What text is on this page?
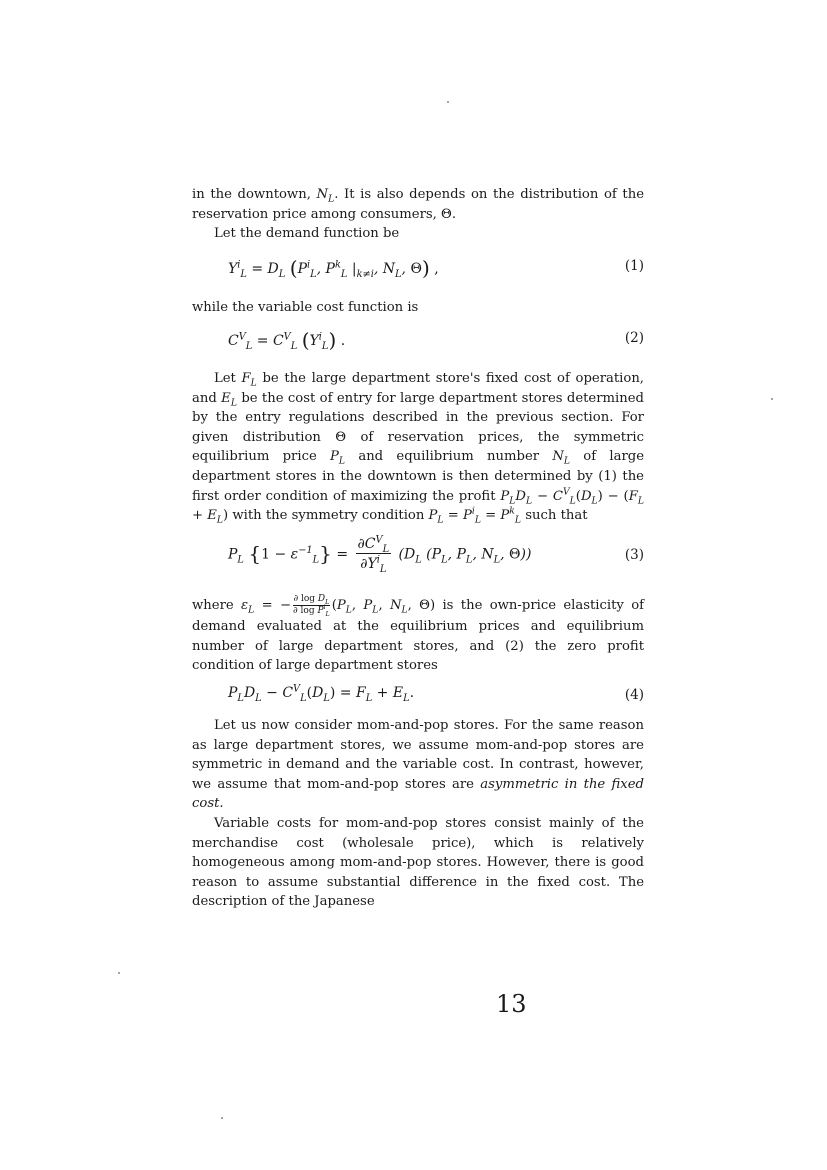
in the downtown, $N_L$. It is also depends on the distribution of the reservation price among consumers, Θ.

Let the demand function be

$Y^i_L = D_L$ ($P^i_L$, $P^k_L$ $|_{k\ne i}$, $N_L$, Θ) ,	(1)

while the variable cost function is

$C^V_L = C^V_L$ $(Y^i_L)$ .	(2)

Let $F_L$ be the large department store's fixed cost of operation, and $E_L$ be the cost of entry for large department stores determined by the entry regulations described in the previous section. For given distribution Θ of reservation prices, the symmetric equilibrium price $P_L$ and equilibrium number $N_L$ of large department stores in the downtown is then determined by (1) the first order condition of maximizing the profit $P_LD_L - C^V_L(D_L) - (F_L + E_L)$ with the symmetry condition $P_L = P^i_L = P^k_L$ such that

$P_L$ $\{1 - \varepsilon^{-1}_L\} = \frac{\partial C^V_L}{\partial Y^i_L} (D_L$ ($P_L$, $P_L$, $N_L$, Θ))	(3)

where $\varepsilon_L$ = − $\frac{\partial \log D_L}{\partial \log P^i_L} (P_L$, $P_L$, $N_L$, Θ) is the own-price elasticity of demand evaluated at the equilibrium prices and equilibrium number of large department stores, and (2) the zero profit condition of large department stores

$P_LD_L - C^V_L(D_L) = F_L + E_L$.	(4)

Let us now consider mom-and-pop stores. For the same reason as large department stores, we assume mom-and-pop stores are symmetric in demand and the variable cost. In contrast, however, we assume that mom-and-pop stores are asymmetric in the fixed cost.

Variable costs for mom-and-pop stores consist mainly of the merchandise cost (wholesale price), which is relatively homogeneous among mom-and-pop stores. However, there is good reason to assume substantial difference in the fixed cost. The description of the Japanese

13
